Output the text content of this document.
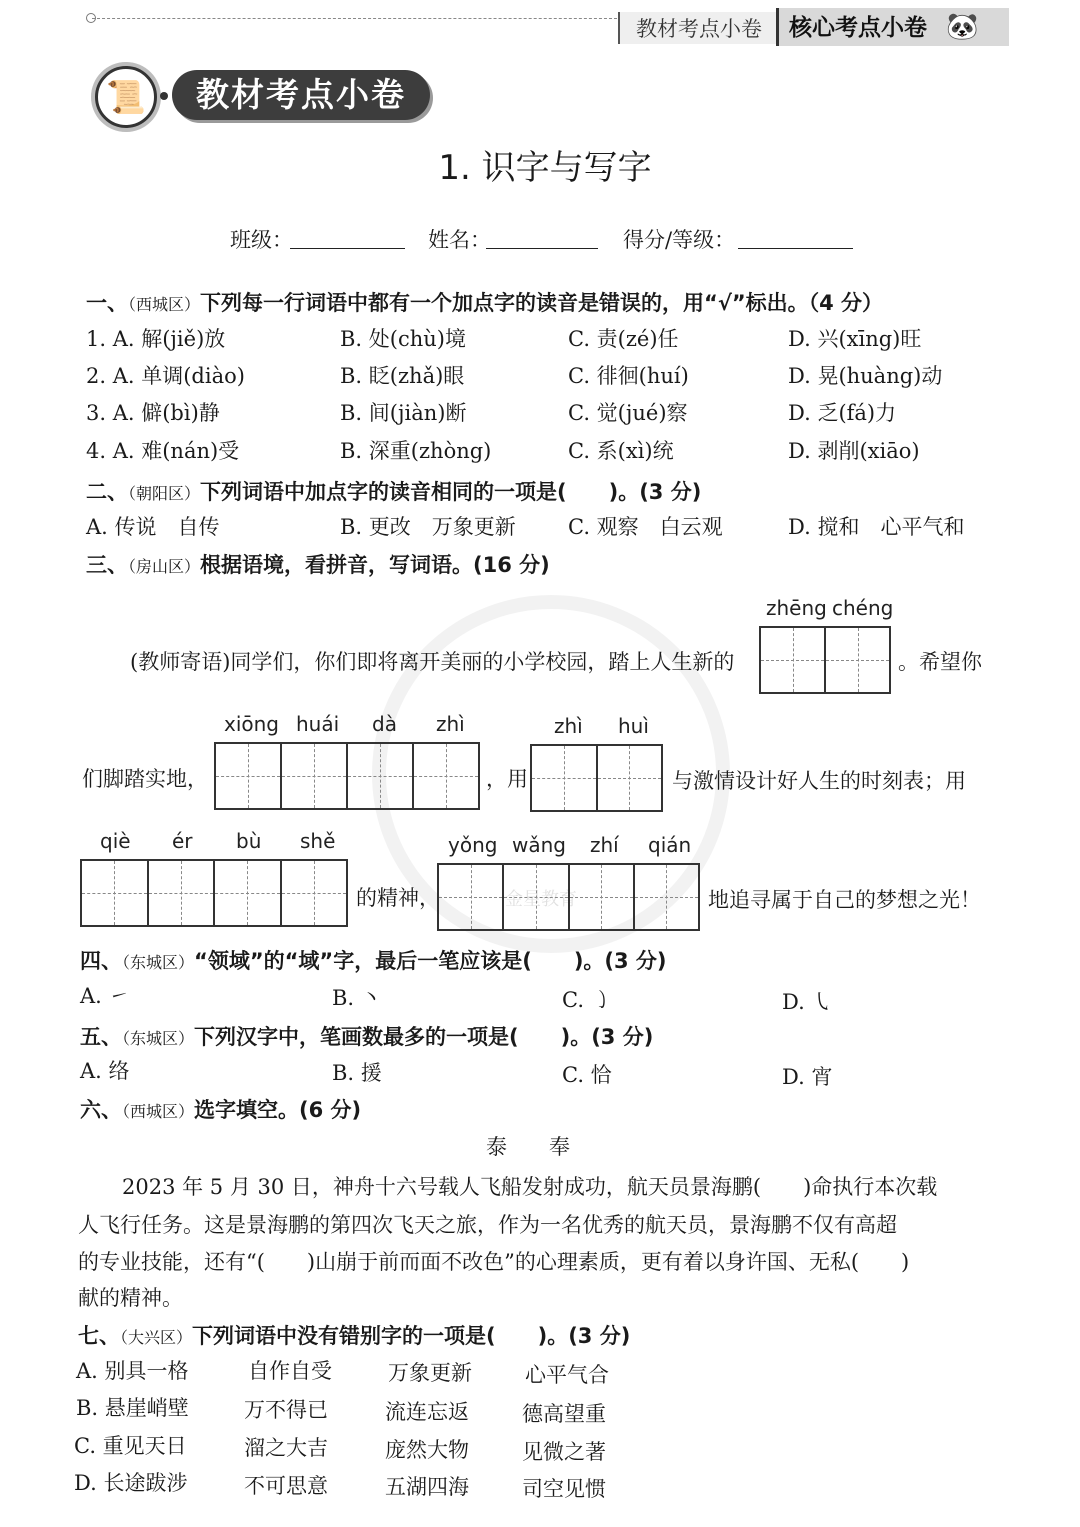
教材考点小卷	核心考点小卷 🐼
📜	教材考点小卷
1. 识字与写字
班级：	姓名：	得分/等级：
一、（西城区）下列每一行词语中都有一个加点字的读音是错误的，用“√”标出。（4 分）
1. A. 解(jiě)放	B. 处(chù)境	C. 责(zé)任	D. 兴(xīng)旺
2. A. 单调(diào)	B. 眨(zhǎ)眼	C. 徘徊(huí)	D. 晃(huàng)动
3. A. 僻(bì)静	B. 间(jiàn)断	C. 觉(jué)察	D. 乏(fá)力
4. A. 难(nán)受	B. 深重(zhòng)	C. 系(xì)统	D. 剥削(xiāo)
二、（朝阳区）下列词语中加点字的读音相同的一项是(　　)。(3 分)
A. 传说　自传	B. 更改　万象更新 C. 观察　白云观	D. 搅和　心平气和
三、（房山区）根据语境，看拼音，写词语。(16 分)
金星教育
zhēng chéng
(教师寄语)同学们，你们即将离开美丽的小学校园，踏上人生新的	。希望你
xiōng huái dà zhì	zhì huì
们脚踏实地，	，用	与激情设计好人生的时刻表；用
qiè ér bù shě	yǒng wǎng zhí qián
的精神，	地追寻属于自己的梦想之光！
四、（东城区）“领域”的“域”字，最后一笔应该是(　　)。(3 分)
A. ㇀	B. 丶	C. ㇁	D. ㇂
五、（东城区）下列汉字中，笔画数最多的一项是(　　)。(3 分)
A. 络	B. 援	C. 恰	D. 宵
六、（西城区）选字填空。(6 分)
泰　　奉
2023 年 5 月 30 日，神舟十六号载人飞船发射成功，航天员景海鹏(　　)命执行本次载
人飞行任务。这是景海鹏的第四次飞天之旅，作为一名优秀的航天员，景海鹏不仅有高超
的专业技能，还有“(　　)山崩于前而面不改色”的心理素质，更有着以身许国、无私(　　)
献的精神。
七、（大兴区）下列词语中没有错别字的一项是(　　)。(3 分)
A. 别具一格	自作自受	万象更新	心平气合
B. 悬崖峭壁	万不得已	流连忘返	德高望重
C. 重见天日	溜之大吉	庞然大物	见微之著
D. 长途跋涉	不可思意	五湖四海	司空见惯
